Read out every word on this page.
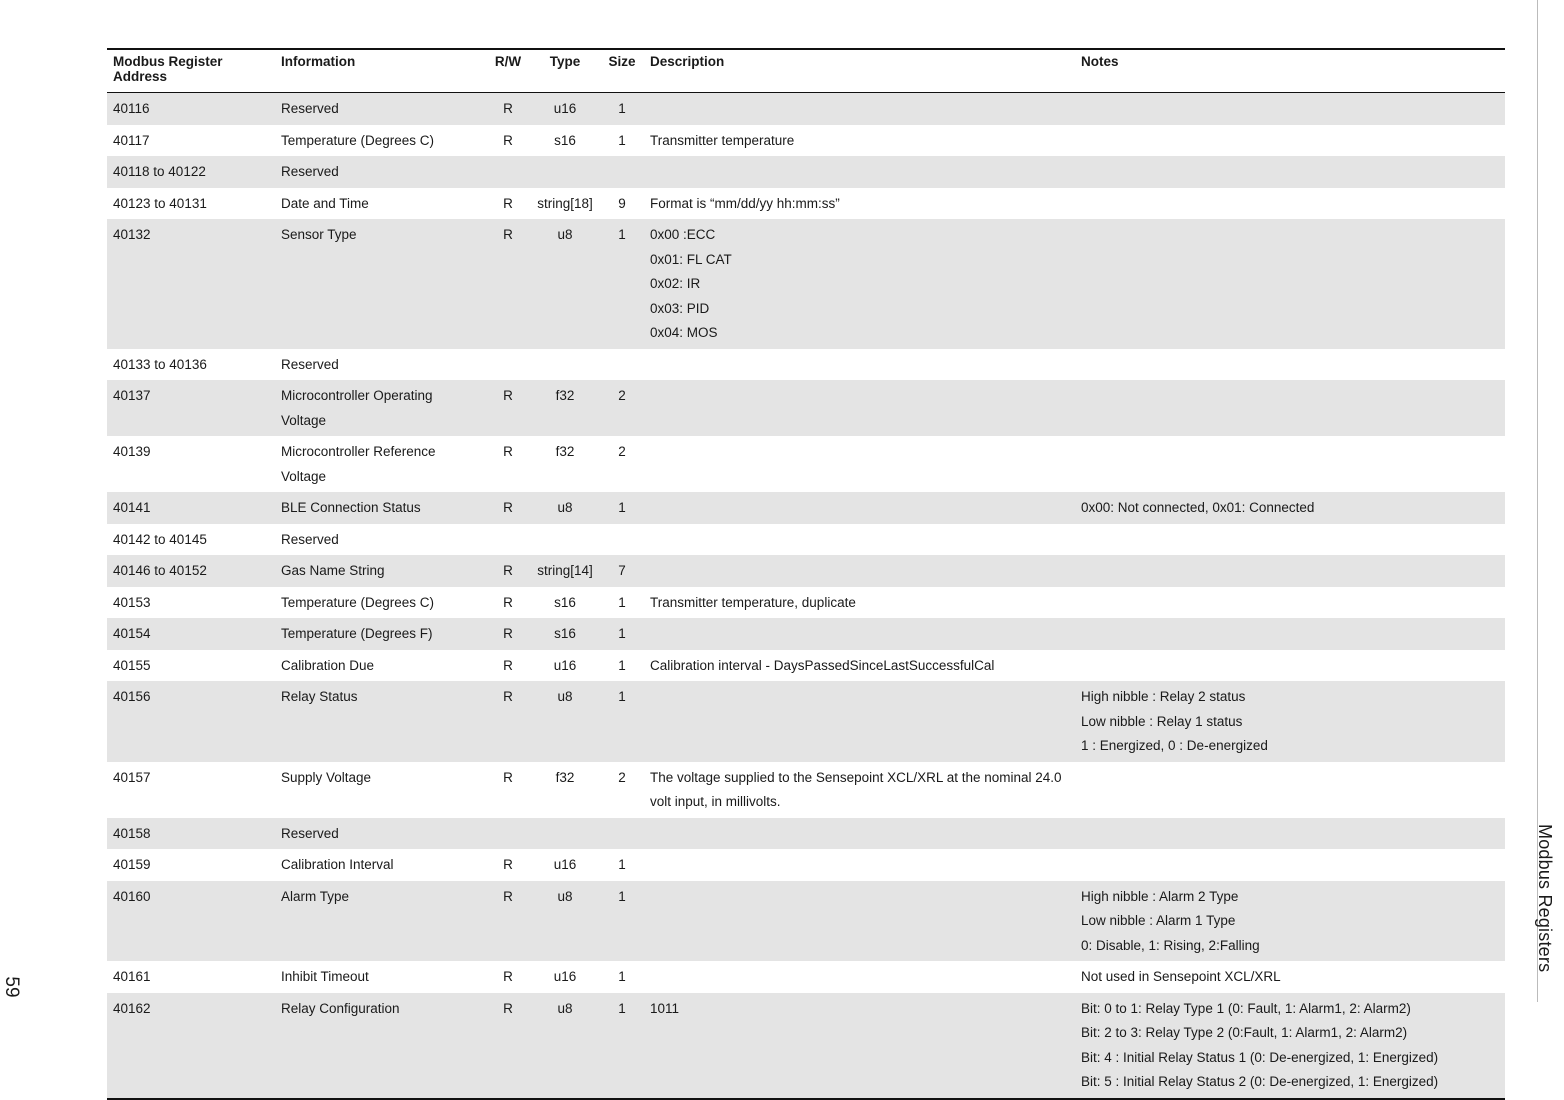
59
Modbus Registers
Modbus Register Address	Information	R/W	Type	Size	Description	Notes
40116	Reserved	R	u16	1		
40117	Temperature (Degrees C)	R	s16	1	Transmitter temperature	

40118 to 40122	Reserved					
40123 to 40131	Date and Time	R	string[18]	9	Format is “mm/dd/yy hh:mm:ss”	

40132	Sensor Type	R	u8	1	0x00 :ECC
0x01: FL CAT
0x02: IR
0x03: PID
0x04: MOS	

40133 to 40136	Reserved					
40137	Microcontroller Operating Voltage	R	f32	2		
40139	Microcontroller Reference Voltage	R	f32	2		
40141	BLE Connection Status	R	u8	1		0x00: Not connected, 0x01: Connected

40142 to 40145	Reserved					
40146 to 40152	Gas Name String	R	string[14]	7		
40153	Temperature (Degrees C)	R	s16	1	Transmitter temperature, duplicate	

40154	Temperature (Degrees F)	R	s16	1		
40155	Calibration Due	R	u16	1	Calibration interval - DaysPassedSinceLastSuccessfulCal	

40156	Relay Status	R	u8	1		High nibble : Relay 2 status
Low nibble : Relay 1 status
1 : Energized, 0 : De-energized

40157	Supply Voltage	R	f32	2	The voltage supplied to the Sensepoint XCL/XRL at the nominal 24.0
volt input, in millivolts.	

40158	Reserved					
40159	Calibration Interval	R	u16	1		
40160	Alarm Type	R	u8	1		High nibble : Alarm 2 Type
Low nibble : Alarm 1 Type
0: Disable, 1: Rising, 2:Falling

40161	Inhibit Timeout	R	u16	1		Not used in Sensepoint XCL/XRL

40162	Relay Configuration	R	u8	1	1011	Bit: 0 to 1: Relay Type 1 (0: Fault, 1: Alarm1, 2: Alarm2)
Bit: 2 to 3: Relay Type 2 (0:Fault, 1: Alarm1, 2: Alarm2)
Bit: 4 : Initial Relay Status 1 (0: De-energized, 1: Energized)
Bit: 5 : Initial Relay Status 2 (0: De-energized, 1: Energized)
